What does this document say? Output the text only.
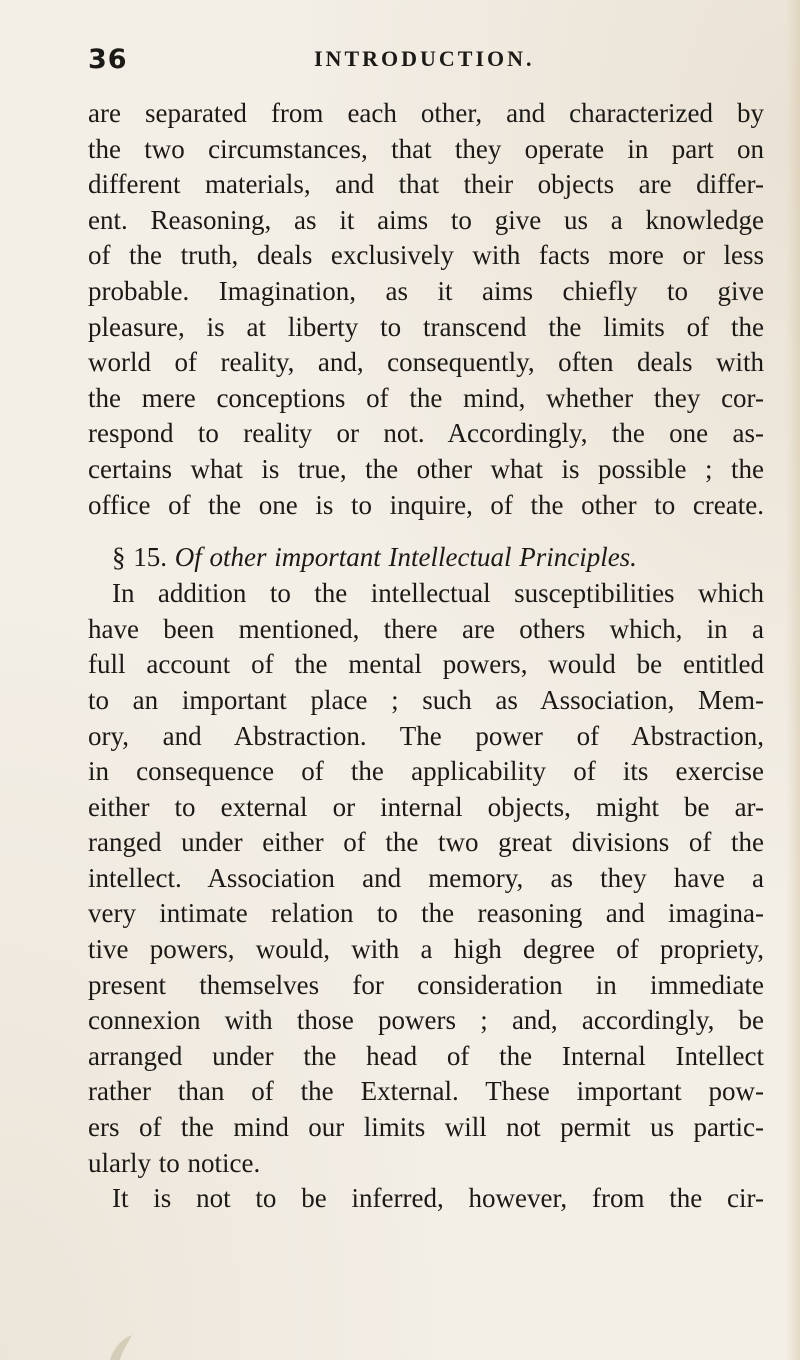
36	INTRODUCTION.
are separated from each other, and characterized by
the two circumstances, that they operate in part on
different materials, and that their objects are differ-
ent. Reasoning, as it aims to give us a knowledge
of the truth, deals exclusively with facts more or less
probable. Imagination, as it aims chiefly to give
pleasure, is at liberty to transcend the limits of the
world of reality, and, consequently, often deals with
the mere conceptions of the mind, whether they cor-
respond to reality or not. Accordingly, the one as-
certains what is true, the other what is possible ; the
office of the one is to inquire, of the other to create.
§ 15. Of other important Intellectual Principles.
In addition to the intellectual susceptibilities which
have been mentioned, there are others which, in a
full account of the mental powers, would be entitled
to an important place ; such as Association, Mem-
ory, and Abstraction. The power of Abstraction,
in consequence of the applicability of its exercise
either to external or internal objects, might be ar-
ranged under either of the two great divisions of the
intellect. Association and memory, as they have a
very intimate relation to the reasoning and imagina-
tive powers, would, with a high degree of propriety,
present themselves for consideration in immediate
connexion with those powers ; and, accordingly, be
arranged under the head of the Internal Intellect
rather than of the External. These important pow-
ers of the mind our limits will not permit us partic-
ularly to notice.
It is not to be inferred, however, from the cir-
